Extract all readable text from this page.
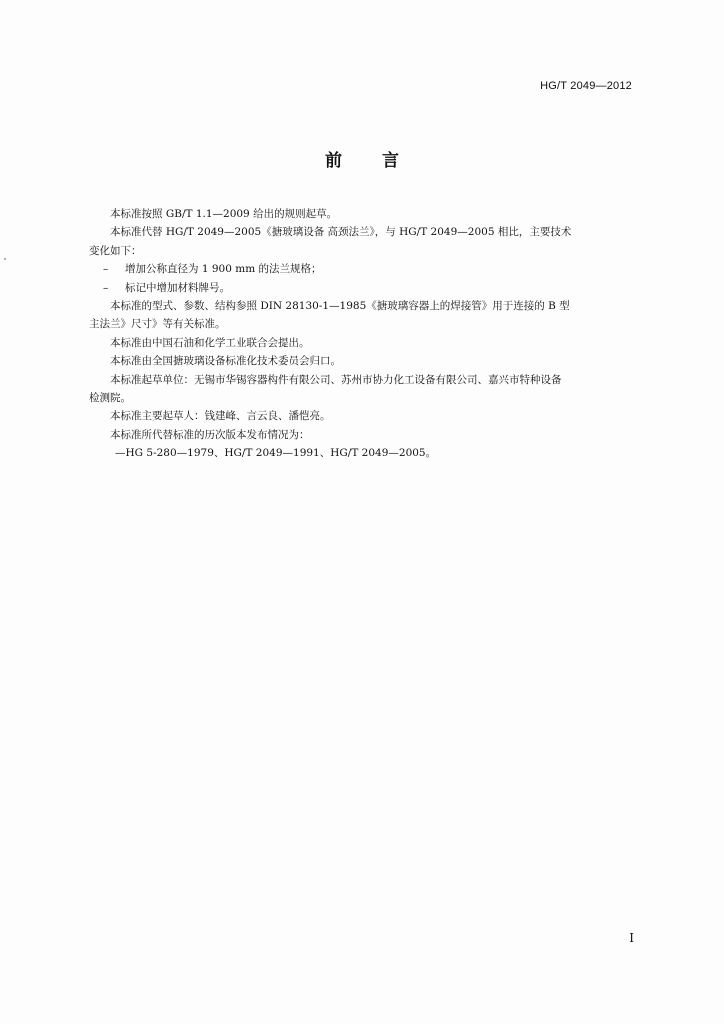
HG/T 2049—2012
前 言

本标准按照 GB/T 1.1—2009 给出的规则起草。

本标准代替 HG/T 2049—2005《搪玻璃设备 高颈法兰》，与 HG/T 2049—2005 相比，主要技术

变化如下：

– 增加公称直径为 1 900 mm 的法兰规格；

– 标记中增加材料牌号。

本标准的型式、参数、结构参照 DIN 28130-1—1985《搪玻璃容器上的焊接管》用于连接的 B 型

主法兰》尺寸》等有关标准。

本标准由中国石油和化学工业联合会提出。

本标准由全国搪玻璃设备标准化技术委员会归口。

本标准起草单位：无锡市华锡容器构件有限公司、苏州市协力化工设备有限公司、嘉兴市特种设备

检测院。

本标准主要起草人：钱建峰、言云良、潘恺亮。

本标准所代替标准的历次版本发布情况为：

—HG 5-280—1979、HG/T 2049—1991、HG/T 2049—2005。

I
